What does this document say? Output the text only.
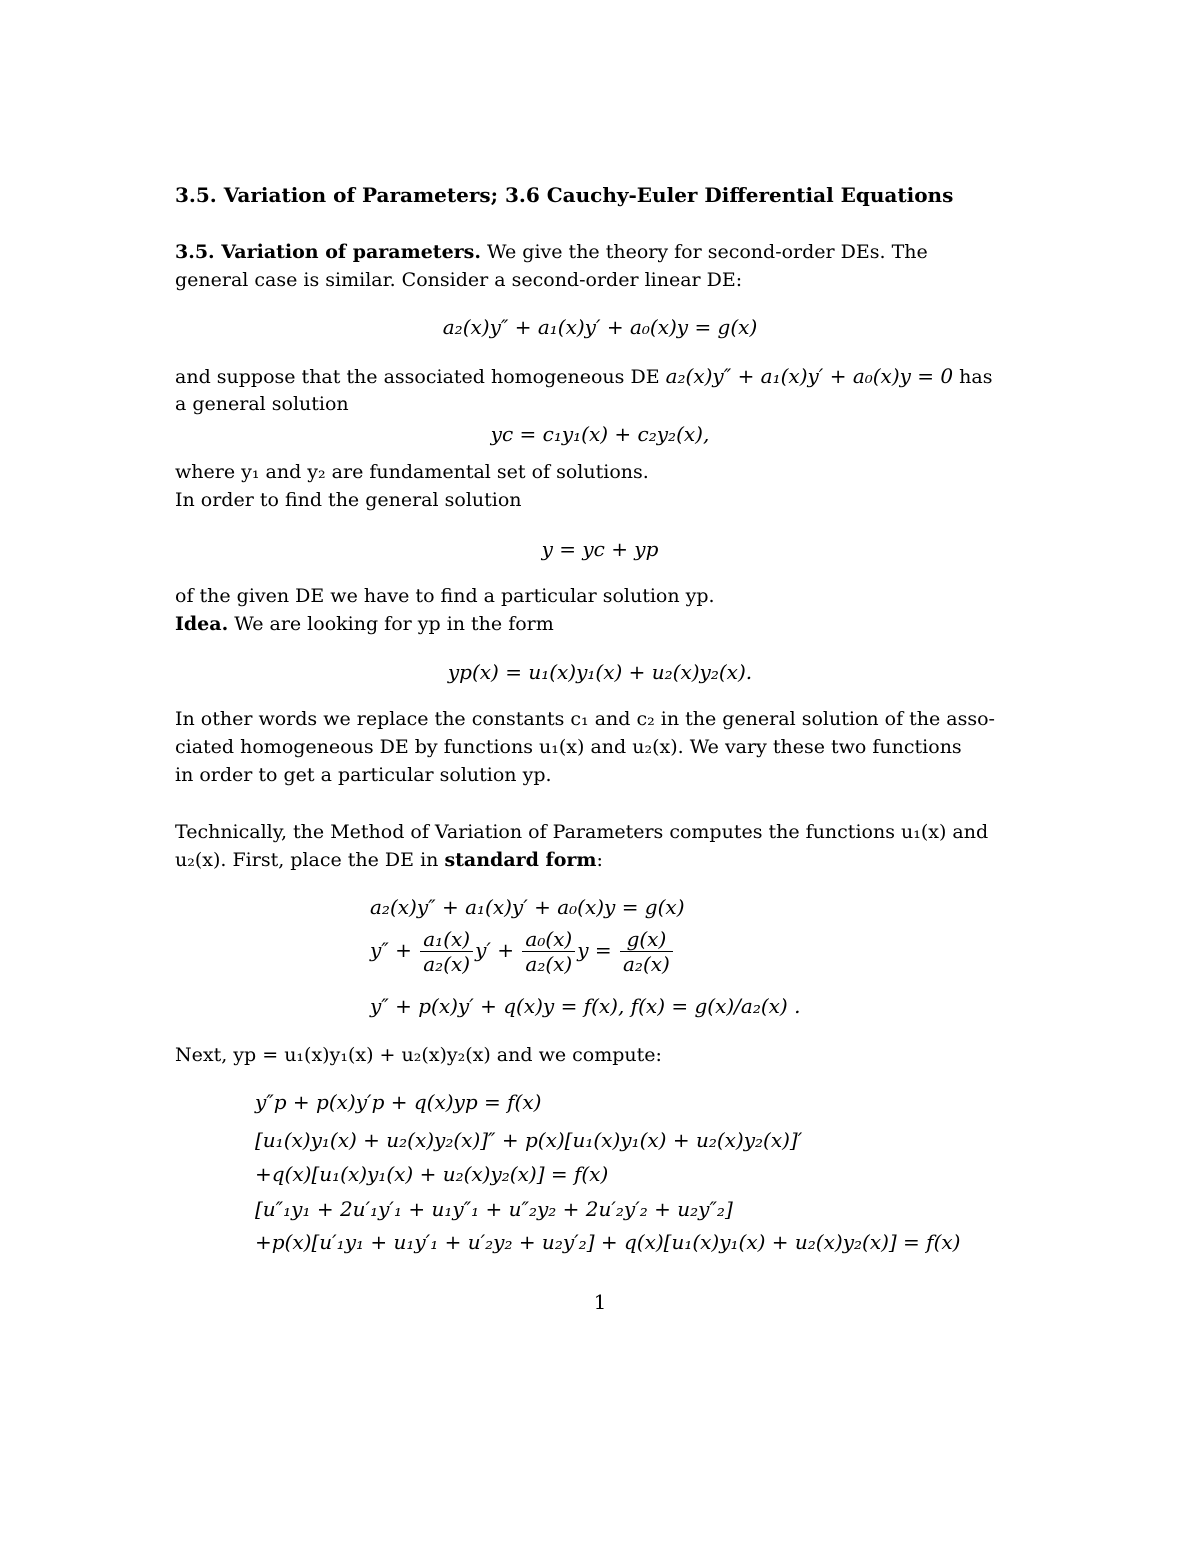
3.5. Variation of Parameters; 3.6 Cauchy-Euler Differential Equations
3.5. Variation of parameters. We give the theory for second-order DEs. The
general case is similar. Consider a second-order linear DE:
a₂(x)y″ + a₁(x)y′ + a₀(x)y = g(x)
and suppose that the associated homogeneous DE a₂(x)y″ + a₁(x)y′ + a₀(x)y = 0 has
a general solution
yc = c₁y₁(x) + c₂y₂(x),
where y₁ and y₂ are fundamental set of solutions.
In order to find the general solution
y = yc + yp
of the given DE we have to find a particular solution yp.
Idea. We are looking for yp in the form
yp(x) = u₁(x)y₁(x) + u₂(x)y₂(x).
In other words we replace the constants c₁ and c₂ in the general solution of the asso-
ciated homogeneous DE by functions u₁(x) and u₂(x). We vary these two functions
in order to get a particular solution yp.
Technically, the Method of Variation of Parameters computes the functions u₁(x) and
u₂(x). First, place the DE in standard form:
a₂(x)y″ + a₁(x)y′ + a₀(x)y = g(x)
$y'' + \frac{\text{a₁(x)}}{\text{a₂(x)}} y' + \frac{\text{a₀(x)}}{\text{a₂(x)}}$ $y = \frac{g(x)}{\text{a₂(x)}}$
y″ + p(x)y′ + q(x)y = f(x), f(x) = g(x)/a₂(x) .
Next, yp = u₁(x)y₁(x) + u₂(x)y₂(x) and we compute:
y″p + p(x)y′p + q(x)yp = f(x)
[u₁(x)y₁(x) + u₂(x)y₂(x)]″ + p(x)[u₁(x)y₁(x) + u₂(x)y₂(x)]′
+q(x)[u₁(x)y₁(x) + u₂(x)y₂(x)] = f(x)
[u″₁y₁ + 2u′₁y′₁ + u₁y″₁ + u″₂y₂ + 2u′₂y′₂ + u₂y″₂]
+p(x)[u′₁y₁ + u₁y′₁ + u′₂y₂ + u₂y′₂] + q(x)[u₁(x)y₁(x) + u₂(x)y₂(x)] = f(x)
1
